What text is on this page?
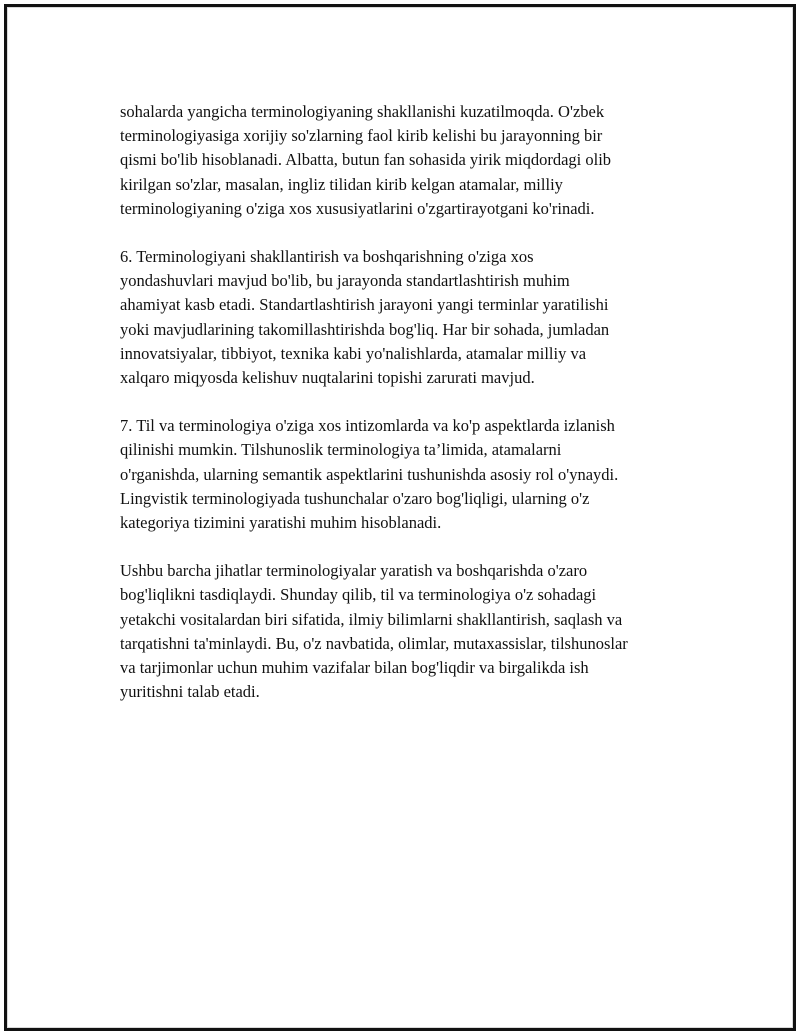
sohalarda yangicha terminologiyaning shakllanishi kuzatilmoqda. O'zbek
terminologiyasiga xorijiy so'zlarning faol kirib kelishi bu jarayonning bir
qismi bo'lib hisoblanadi. Albatta, butun fan sohasida yirik miqdordagi olib
kirilgan so'zlar, masalan, ingliz tilidan kirib kelgan atamalar, milliy
terminologiyaning o'ziga xos xususiyatlarini o'zgartirayotgani ko'rinadi.

6. Terminologiyani shakllantirish va boshqarishning o'ziga xos
yondashuvlari mavjud bo'lib, bu jarayonda standartlashtirish muhim
ahamiyat kasb etadi. Standartlashtirish jarayoni yangi terminlar yaratilishi
yoki mavjudlarining takomillashtirishda bog'liq. Har bir sohada, jumladan
innovatsiyalar, tibbiyot, texnika kabi yo'nalishlarda, atamalar milliy va
xalqaro miqyosda kelishuv nuqtalarini topishi zarurati mavjud.

7. Til va terminologiya o'ziga xos intizomlarda va ko'p aspektlarda izlanish
qilinishi mumkin. Tilshunoslik terminologiya ta’limida, atamalarni
o'rganishda, ularning semantik aspektlarini tushunishda asosiy rol o'ynaydi.
Lingvistik terminologiyada tushunchalar o'zaro bog'liqligi, ularning o'z
kategoriya tizimini yaratishi muhim hisoblanadi.

Ushbu barcha jihatlar terminologiyalar yaratish va boshqarishda o'zaro
bog'liqlikni tasdiqlaydi. Shunday qilib, til va terminologiya o'z sohadagi
yetakchi vositalardan biri sifatida, ilmiy bilimlarni shakllantirish, saqlash va
tarqatishni ta'minlaydi. Bu, o'z navbatida, olimlar, mutaxassislar, tilshunoslar
va tarjimonlar uchun muhim vazifalar bilan bog'liqdir va birgalikda ish
yuritishni talab etadi.
